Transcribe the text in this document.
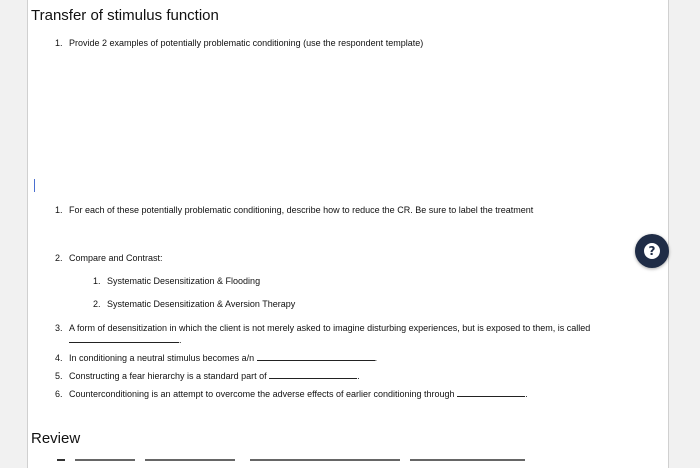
Transfer of stimulus function
1. Provide 2 examples of potentially problematic conditioning (use the respondent template)
1. For each of these potentially problematic conditioning, describe how to reduce the CR. Be sure to label the treatment
2. Compare and Contrast:
1. Systematic Desensitization & Flooding
2. Systematic Desensitization & Aversion Therapy
3. A form of desensitization in which the client is not merely asked to imagine disturbing experiences, but is exposed to them, is called
.
4. In conditioning a neutral stimulus becomes a/n	.
5. Constructing a fear hierarchy is a standard part of	.
6. Counterconditioning is an attempt to overcome the adverse effects of earlier conditioning through	.
Review
?
